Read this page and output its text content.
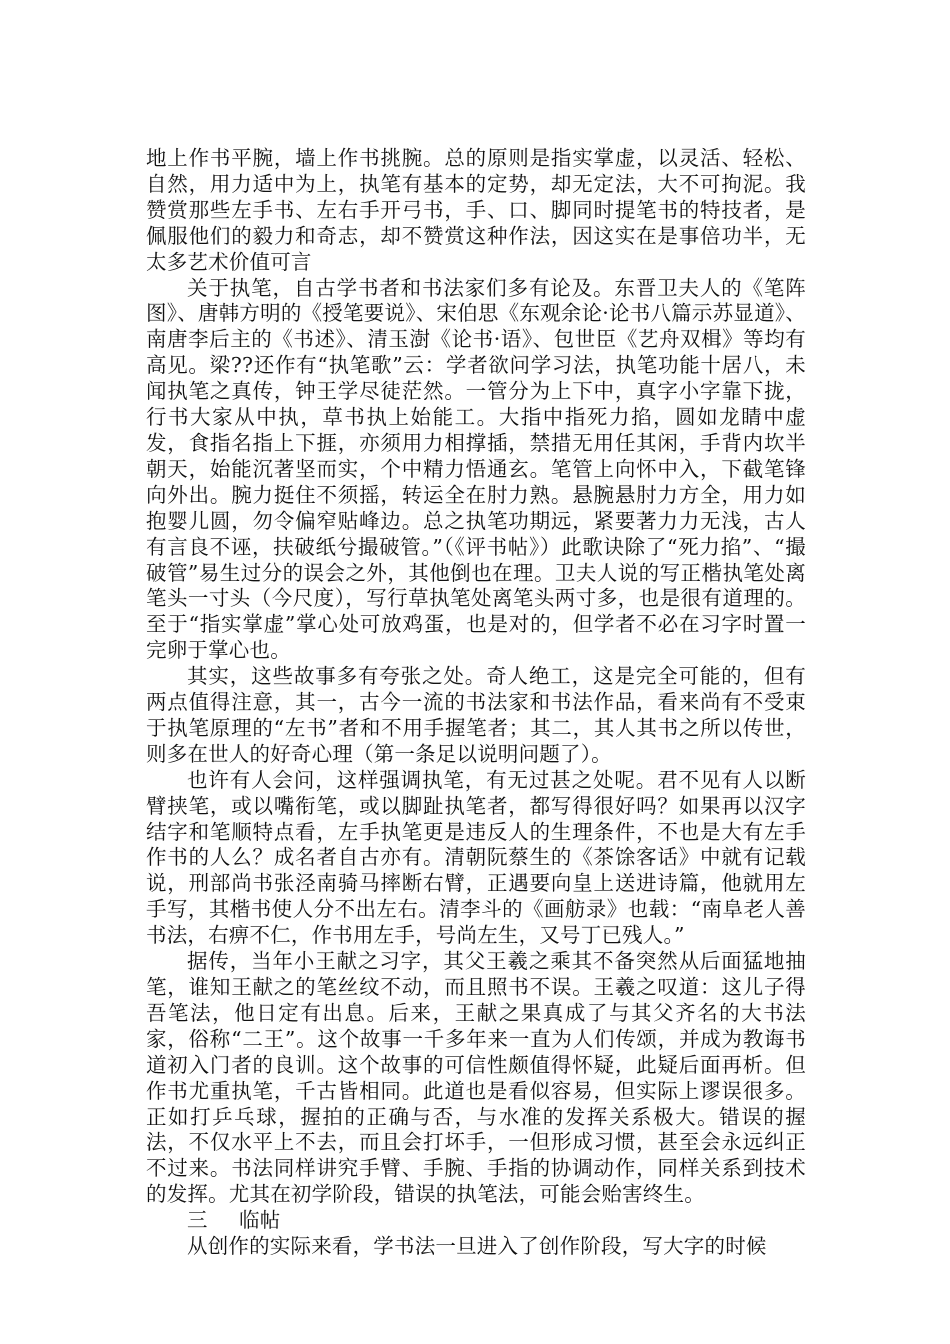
地上作书平腕，墙上作书挑腕。总的原则是指实掌虚，以灵活、轻松、自然，用力适中为上，执笔有基本的定势，却无定法，大不可拘泥。我赞赏那些左手书、左右手开弓书，手、口、脚同时提笔书的特技者，是佩服他们的毅力和奇志，却不赞赏这种作法，因这实在是事倍功半，无太多艺术价值可言

关于执笔，自古学书者和书法家们多有论及。东晋卫夫人的《笔阵图》、唐韩方明的《授笔要说》、宋伯思《东观余论·论书八篇示苏显道》、南唐李后主的《书述》、清玉澍《论书·语》、包世臣《艺舟双楫》等均有高见。梁??还作有“执笔歌”云：学者欲问学习法，执笔功能十居八，未闻执笔之真传，钟王学尽徒茫然。一管分为上下中，真字小字靠下拢，行书大家从中执，草书执上始能工。大指中指死力掐，圆如龙睛中虚发，食指名指上下捱，亦须用力相撑插，禁措无用任其闲，手背内坎半朝天，始能沉著坚而实，个中精力悟通玄。笔管上向怀中入，下截笔锋向外出。腕力挺住不须摇，转运全在肘力熟。悬腕悬肘力方全，用力如抱婴儿圆，勿令偏窄贴峰边。总之执笔功期远，紧要著力力无浅，古人有言良不诬，扶破纸兮撮破管。”（《评书帖》）此歌诀除了“死力掐”、“撮破管”易生过分的误会之外，其他倒也在理。卫夫人说的写正楷执笔处离笔头一寸头（今尺度），写行草执笔处离笔头两寸多，也是很有道理的。至于“指实掌虚”掌心处可放鸡蛋，也是对的，但学者不必在习字时置一完卵于掌心也。

其实，这些故事多有夸张之处。奇人绝工，这是完全可能的，但有两点值得注意，其一，古今一流的书法家和书法作品，看来尚有不受束于执笔原理的“左书”者和不用手握笔者；其二，其人其书之所以传世，则多在世人的好奇心理（第一条足以说明问题了）。

也许有人会问，这样强调执笔，有无过甚之处呢。君不见有人以断臂挟笔，或以嘴衔笔，或以脚趾执笔者，都写得很好吗？如果再以汉字结字和笔顺特点看，左手执笔更是违反人的生理条件，不也是大有左手作书的人么？成名者自古亦有。清朝阮蔡生的《茶馀客话》中就有记载说，刑部尚书张泾南骑马摔断右臂，正遇要向皇上送进诗篇，他就用左手写，其楷书使人分不出左右。清李斗的《画舫录》也载：“南阜老人善书法，右痹不仁，作书用左手，号尚左生，又号丁已残人。”

据传，当年小王献之习字，其父王羲之乘其不备突然从后面猛地抽笔，谁知王献之的笔丝纹不动，而且照书不误。王羲之叹道：这儿子得吾笔法，他日定有出息。后来，王献之果真成了与其父齐名的大书法家，俗称“二王”。这个故事一千多年来一直为人们传颂，并成为教诲书道初入门者的良训。这个故事的可信性颇值得怀疑，此疑后面再析。但作书尤重执笔，千古皆相同。此道也是看似容易，但实际上谬误很多。正如打乒乓球，握拍的正确与否，与水准的发挥关系极大。错误的握法，不仅水平上不去，而且会打坏手，一但形成习惯，甚至会永远纠正不过来。书法同样讲究手臂、手腕、手指的协调动作，同样关系到技术的发挥。尤其在初学阶段，错误的执笔法，可能会贻害终生。

三 临帖

从创作的实际来看，学书法一旦进入了创作阶段，写大字的时候
